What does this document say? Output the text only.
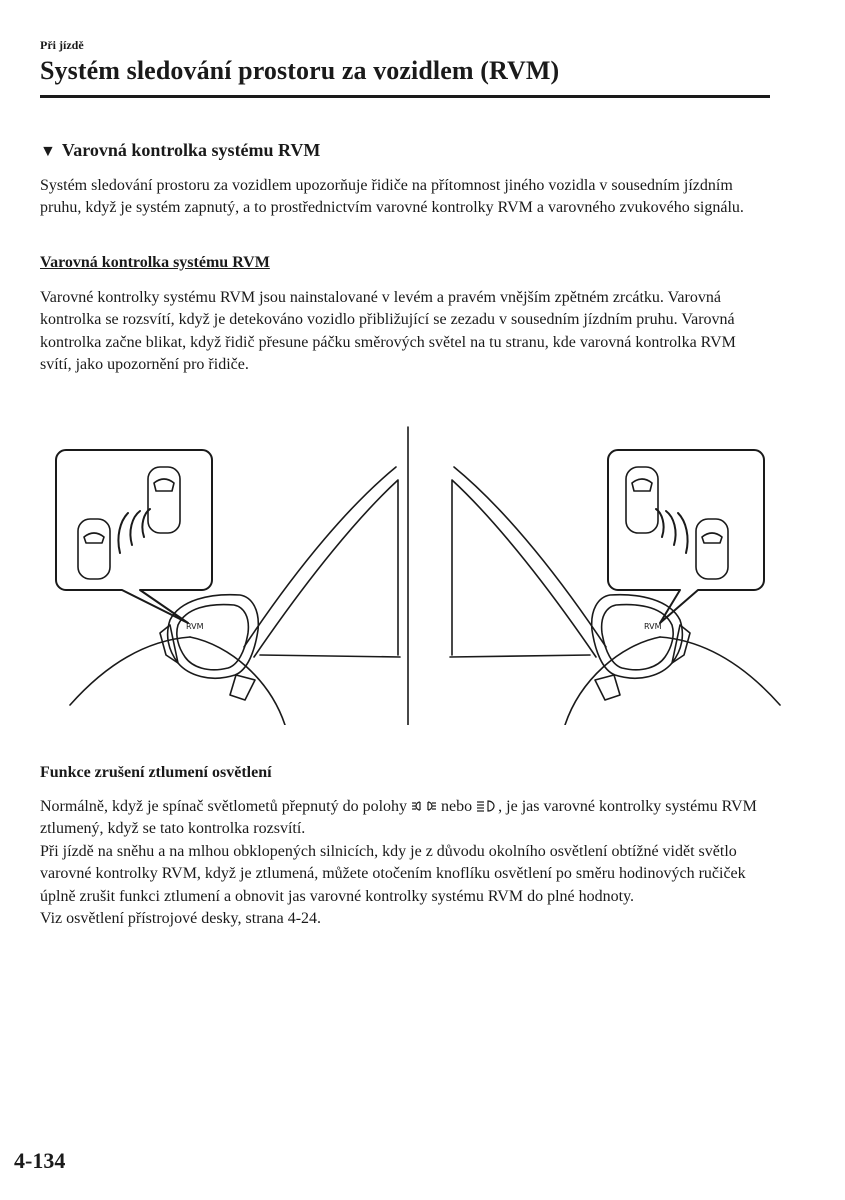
Při jízdě
Systém sledování prostoru za vozidlem (RVM)
▼ Varovná kontrolka systému RVM

Systém sledování prostoru za vozidlem upozorňuje řidiče na přítomnost jiného vozidla v sousedním jízdním pruhu, když je systém zapnutý, a to prostřednictvím varovné kontrolky RVM a varovného zvukového signálu.

Varovná kontrolka systému RVM

Varovné kontrolky systému RVM jsou nainstalované v levém a pravém vnějším zpětném zrcátku. Varovná kontrolka se rozsvítí, když je detekováno vozidlo přibližující se zezadu v sousedním jízdním pruhu. Varovná kontrolka začne blikat, když řidič přesune páčku směrových světel na tu stranu, kde varovná kontrolka RVM svítí, jako upozornění pro řidiče.

RVM	RVM
Funkce zrušení ztlumení osvětlení

Normálně, když je spínač světlometů přepnutý do polohy nebo , je jas varovné kontrolky systému RVM ztlumený, když se tato kontrolka rozsvítí.
Při jízdě na sněhu a na mlhou obklopených silnicích, kdy je z důvodu okolního osvětlení obtížné vidět světlo varovné kontrolky RVM, když je ztlumená, můžete otočením knoflíku osvětlení po směru hodinových ručiček úplně zrušit funkci ztlumení a obnovit jas varovné kontrolky systému RVM do plné hodnoty.
Viz osvětlení přístrojové desky, strana 4-24.

4-134
